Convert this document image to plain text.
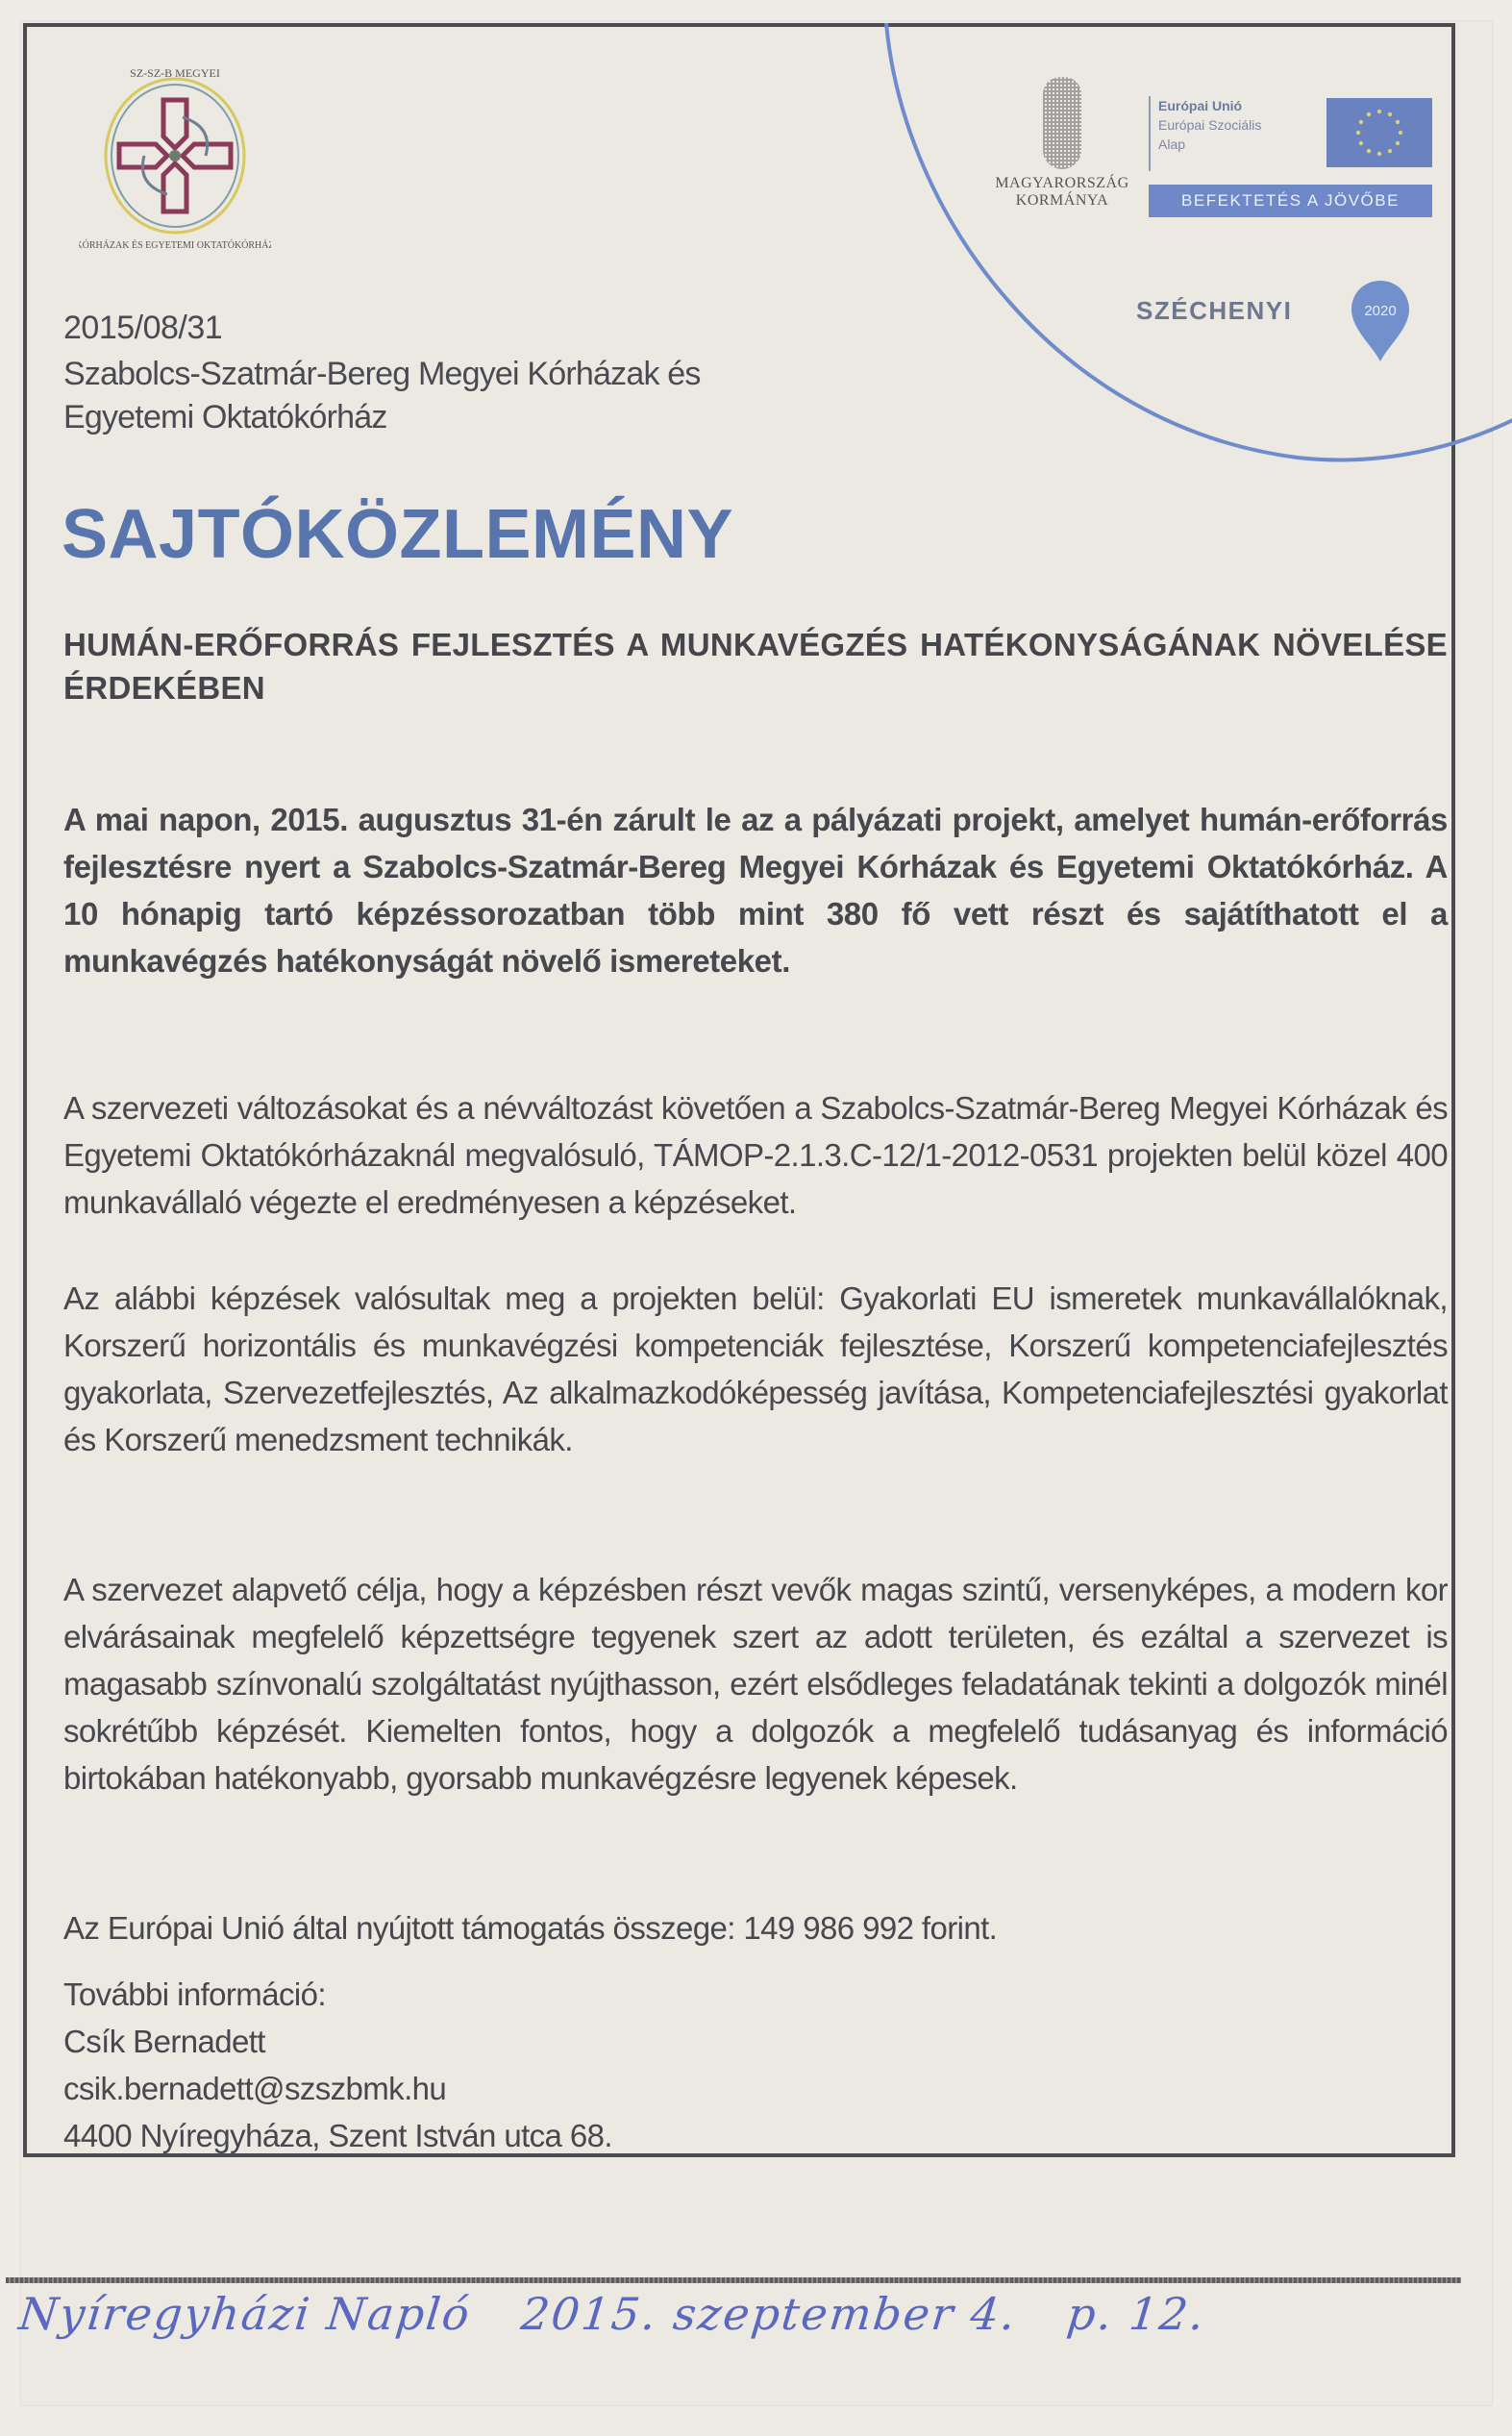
SZ-SZ-B MEGYEI
KÓRHÁZAK ÉS EGYETEMI OKTATÓKÓRHÁZ
MAGYARORSZÁG
KORMÁNYA
Európai Unió
Európai Szociális
Alap
BEFEKTETÉS A JÖVŐBE
SZÉCHENYI	2020
2015/08/31
Szabolcs-Szatmár-Bereg Megyei Kórházak és
Egyetemi Oktatókórház
SAJTÓKÖZLEMÉNY
HUMÁN-ERŐFORRÁS FEJLESZTÉS A MUNKAVÉGZÉS HATÉKONYSÁGÁNAK NÖVELÉSE ÉRDEKÉBEN

A mai napon, 2015. augusztus 31-én zárult le az a pályázati projekt, amelyet humán-erőforrás fejlesztésre nyert a Szabolcs-Szatmár-Bereg Megyei Kórházak és Egyetemi Oktatókórház. A 10 hónapig tartó képzéssorozatban több mint 380 fő vett részt és sajátíthatott el a munkavégzés hatékonyságát növelő ismereteket.

A szervezeti változásokat és a névváltozást követően a Szabolcs-Szatmár-Bereg Megyei Kórházak és Egyetemi Oktatókórházaknál megvalósuló, TÁMOP-2.1.3.C-12/1-2012-0531 projekten belül közel 400 munkavállaló végezte el eredményesen a képzéseket.

Az alábbi képzések valósultak meg a projekten belül: Gyakorlati EU ismeretek munkavállalóknak, Korszerű horizontális és munkavégzési kompetenciák fejlesztése, Korszerű kompetenciafejlesztés gyakorlata, Szervezetfejlesztés, Az alkalmazkodóképesség javítása, Kompetenciafejlesztési gyakorlat és Korszerű menedzsment technikák.

A szervezet alapvető célja, hogy a képzésben részt vevők magas szintű, versenyképes, a modern kor elvárásainak megfelelő képzettségre tegyenek szert az adott területen, és ezáltal a szervezet is magasabb színvonalú szolgáltatást nyújthasson, ezért elsődleges feladatának tekinti a dolgozók minél sokrétűbb képzését. Kiemelten fontos, hogy a dolgozók a megfelelő tudásanyag és információ birtokában hatékonyabb, gyorsabb munkavégzésre legyenek képesek.

Az Európai Unió által nyújtott támogatás összege: 149 986 992 forint.

További információ:
Csík Bernadett
csik.bernadett@szszbmk.hu
4400 Nyíregyháza, Szent István utca 68.
Nyíregyházi Napló 2015. szeptember 4. p. 12.
